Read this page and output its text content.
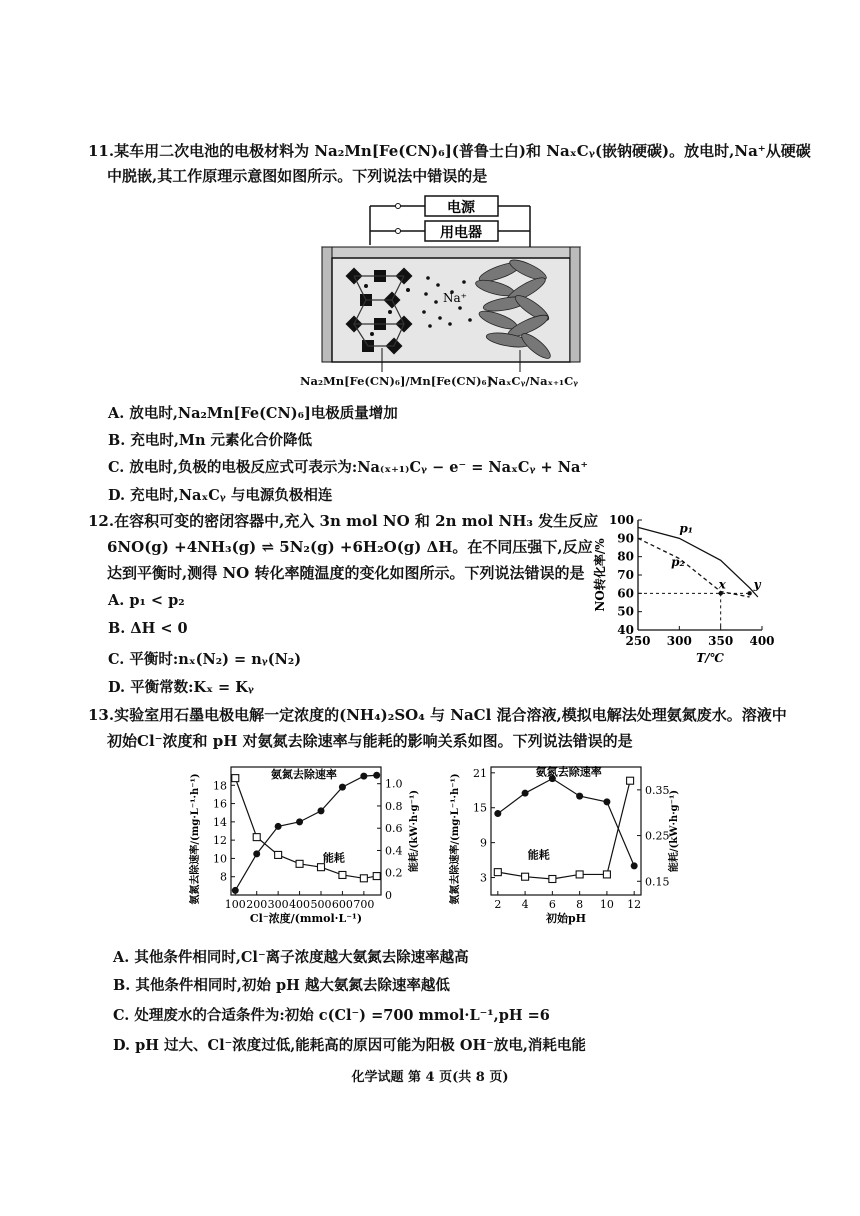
11.某车用二次电池的电极材料为 Na₂Mn[Fe(CN)₆](普鲁士白)和 NaₓCᵧ(嵌钠硬碳)。放电时,Na⁺从硬碳
中脱嵌,其工作原理示意图如图所示。下列说法中错误的是
电源
用电器
Na⁺
Na₂Mn[Fe(CN)₆]/Mn[Fe(CN)₆]
NaₓCᵧ/Naₓ₊₁Cᵧ
A. 放电时,Na₂Mn[Fe(CN)₆]电极质量增加
B. 充电时,Mn 元素化合价降低
C. 放电时,负极的电极反应式可表示为:Na₍ₓ₊₁₎Cᵧ − e⁻ = NaₓCᵧ + Na⁺
D. 充电时,NaₓCᵧ 与电源负极相连
12.在容积可变的密闭容器中,充入 3n mol NO 和 2n mol NH₃ 发生反应
6NO(g) +4NH₃(g) ⇌ 5N₂(g) +6H₂O(g) ΔH。在不同压强下,反应
达到平衡时,测得 NO 转化率随温度的变化如图所示。下列说法错误的是
A. p₁ < p₂
B. ΔH < 0
C. 平衡时:nₓ(N₂) = nᵧ(N₂)
D. 平衡常数:Kₓ = Kᵧ
40
50
60
70
80
90
100
250 300 350 400
T/℃
NO转化率/%
p₁
p₂
x y
13.实验室用石墨电极电解一定浓度的(NH₄)₂SO₄ 与 NaCl 混合溶液,模拟电解法处理氨氮废水。溶液中
初始Cl⁻浓度和 pH 对氨氮去除速率与能耗的影响关系如图。下列说法错误的是
8
10
12
14
16
18
0
0.2
0.4
0.6
0.8
1.0
100 200 300 400 500 600 700
Cl⁻浓度/(mmol·L⁻¹)
氨氮去除速率/(mg·L⁻¹·h⁻¹)	能耗/(kW·h·g⁻¹)
氨氮去除速率
能耗
3
9
15
21
0.15
0.25
0.35
2 4 6 8 10 12
初始pH
氨氮去除速率/(mg·L⁻¹·h⁻¹)	能耗/(kW·h·g⁻¹)
氨氮去除速率
能耗
A. 其他条件相同时,Cl⁻离子浓度越大氨氮去除速率越高
B. 其他条件相同时,初始 pH 越大氨氮去除速率越低
C. 处理废水的合适条件为:初始 c(Cl⁻) =700 mmol·L⁻¹,pH =6
D. pH 过大、Cl⁻浓度过低,能耗高的原因可能为阳极 OH⁻放电,消耗电能
化学试题 第 4 页(共 8 页)
